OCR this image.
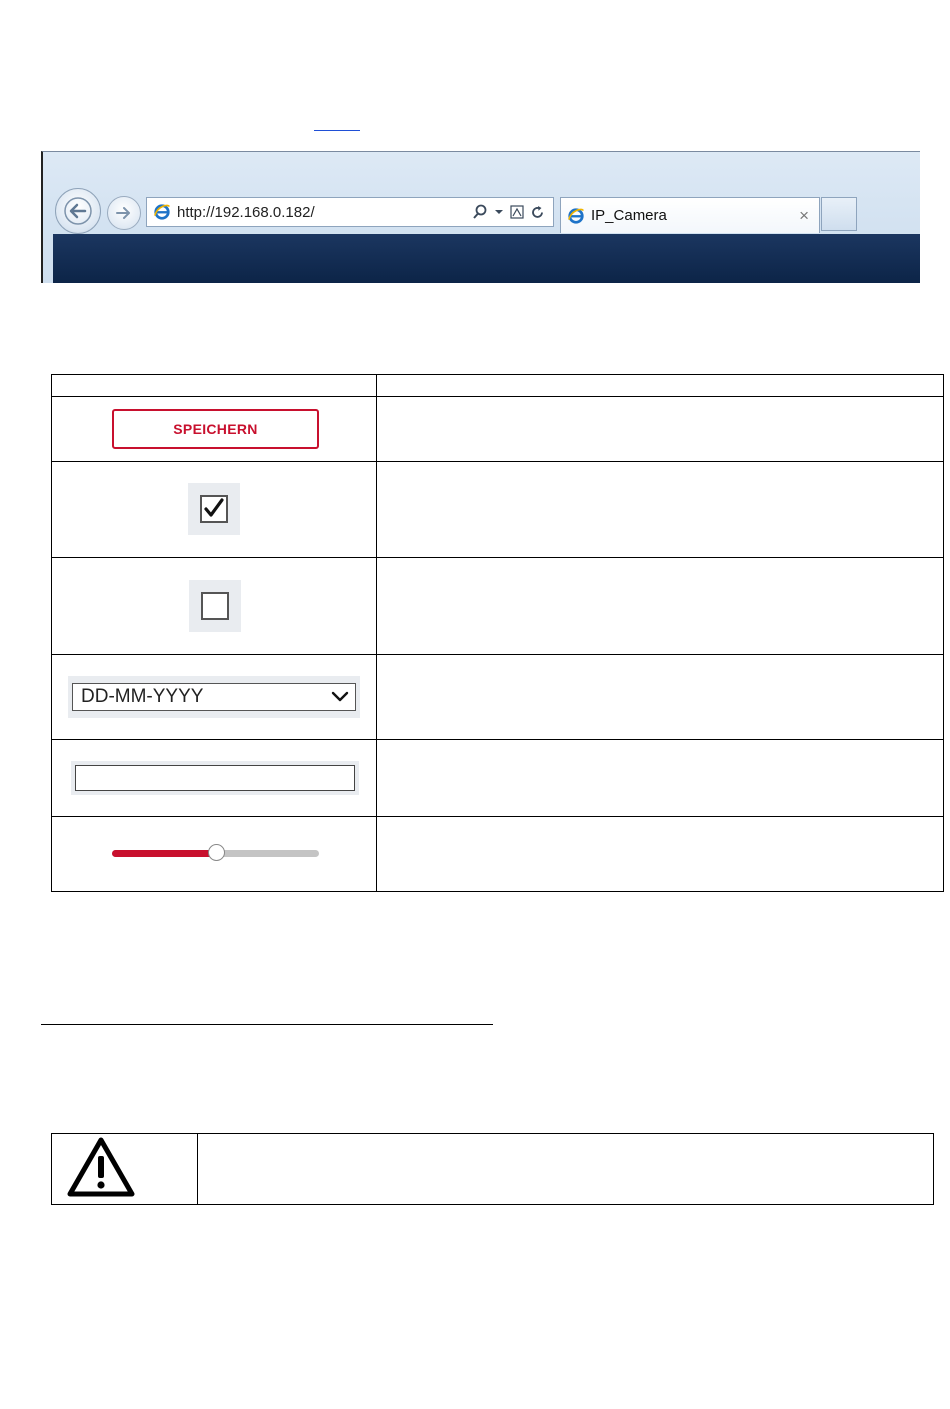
http://192.168.0.182/	IP_Camera	×
SPEICHERN
DD-MM-YYYY
